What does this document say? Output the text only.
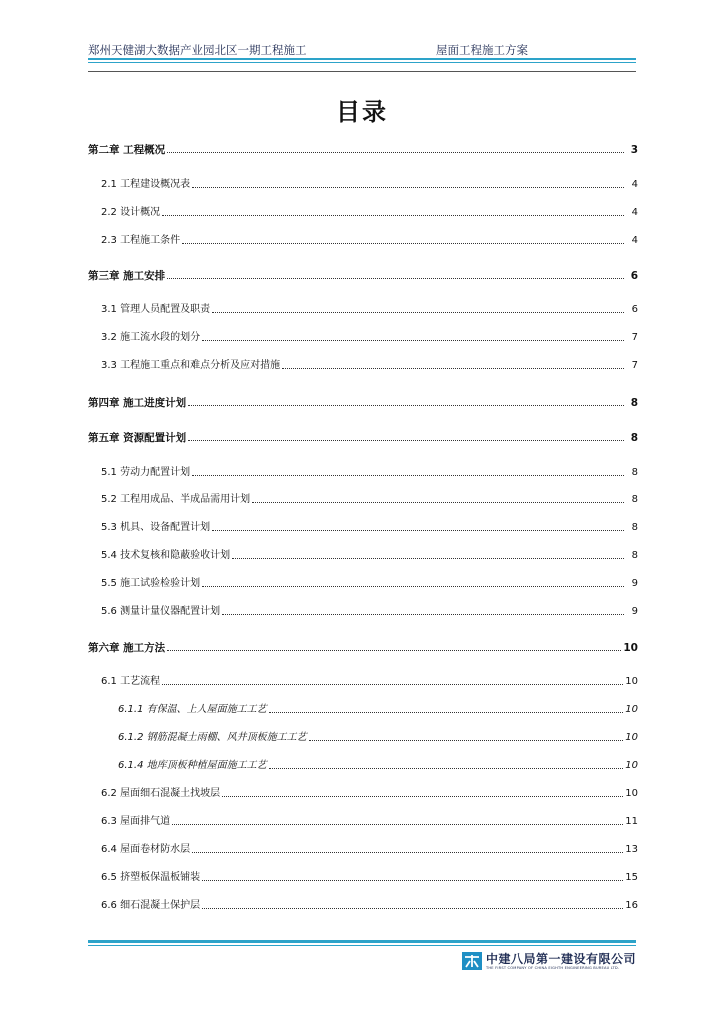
郑州天健湖大数据产业园北区一期工程施工	屋面工程施工方案
目录
第二章 工程概况	3
2.1 工程建设概况表	4
2.2 设计概况	4
2.3 工程施工条件	4
第三章 施工安排	6
3.1 管理人员配置及职责	6
3.2 施工流水段的划分	7
3.3 工程施工重点和难点分析及应对措施	7
第四章 施工进度计划	8
第五章 资源配置计划	8
5.1 劳动力配置计划	8
5.2 工程用成品、半成品需用计划	8
5.3 机具、设备配置计划	8
5.4 技术复核和隐蔽验收计划	8
5.5 施工试验检验计划	9
5.6 测量计量仪器配置计划	9
第六章 施工方法	10
6.1 工艺流程	10
6.1.1 有保温、上人屋面施工工艺	10
6.1.2 钢筋混凝土雨棚、风井顶板施工工艺	10
6.1.4 地库顶板种植屋面施工工艺	10
6.2 屋面细石混凝土找坡层	10
6.3 屋面排气道	11
6.4 屋面卷材防水层	13
6.5 挤塑板保温板铺装	15
6.6 细石混凝土保护层	16
中建八局第一建设有限公司
THE FIRST COMPANY OF CHINA EIGHTH ENGINEERING BUREAU LTD.
